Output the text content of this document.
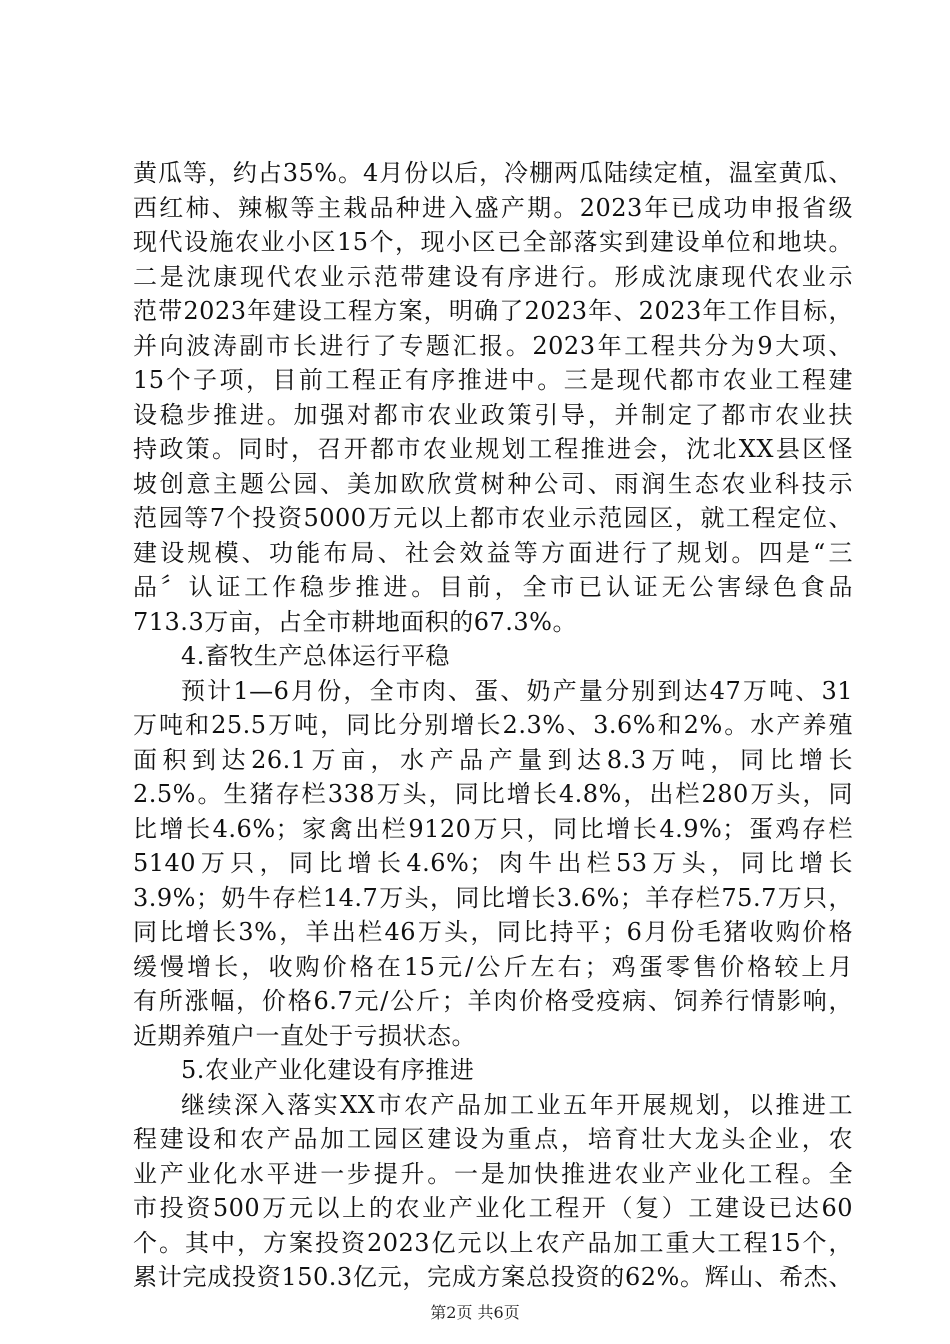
黄瓜等，约占35%。4月份以后，冷棚两瓜陆续定植，温室黄瓜、
西红柿、辣椒等主栽品种进入盛产期。2023年已成功申报省级
现代设施农业小区15个，现小区已全部落实到建设单位和地块。
二是沈康现代农业示范带建设有序进行。形成沈康现代农业示
范带2023年建设工程方案，明确了2023年、2023年工作目标，
并向波涛副市长进行了专题汇报。2023年工程共分为9大项、
15个子项，目前工程正有序推进中。三是现代都市农业工程建
设稳步推进。加强对都市农业政策引导，并制定了都市农业扶
持政策。同时，召开都市农业规划工程推进会，沈北XX县区怪
坡创意主题公园、美加欧欣赏树种公司、雨润生态农业科技示
范园等7个投资5000万元以上都市农业示范园区，就工程定位、
建设规模、功能布局、社会效益等方面进行了规划。四是“三
品〞认证工作稳步推进。目前，全市已认证无公害绿色食品
713.3万亩，占全市耕地面积的67.3%。
4.畜牧生产总体运行平稳
预计1—6月份，全市肉、蛋、奶产量分别到达47万吨、31
万吨和25.5万吨，同比分别增长2.3%、3.6%和2%。水产养殖
面积到达26.1万亩，水产品产量到达8.3万吨，同比增长
2.5%。生猪存栏338万头，同比增长4.8%，出栏280万头，同
比增长4.6%；家禽出栏9120万只，同比增长4.9%；蛋鸡存栏
5140万只，同比增长4.6%；肉牛出栏53万头，同比增长
3.9%；奶牛存栏14.7万头，同比增长3.6%；羊存栏75.7万只，
同比增长3%，羊出栏46万头，同比持平；6月份毛猪收购价格
缓慢增长，收购价格在15元/公斤左右；鸡蛋零售价格较上月
有所涨幅，价格6.7元/公斤；羊肉价格受疫病、饲养行情影响，
近期养殖户一直处于亏损状态。
5.农业产业化建设有序推进
继续深入落实XX市农产品加工业五年开展规划，以推进工
程建设和农产品加工园区建设为重点，培育壮大龙头企业，农
业产业化水平进一步提升。一是加快推进农业产业化工程。全
市投资500万元以上的农业产业化工程开（复）工建设已达60
个。其中，方案投资2023亿元以上农产品加工重大工程15个，
累计完成投资150.3亿元，完成方案总投资的62%。辉山、希杰、
第2页 共6页
